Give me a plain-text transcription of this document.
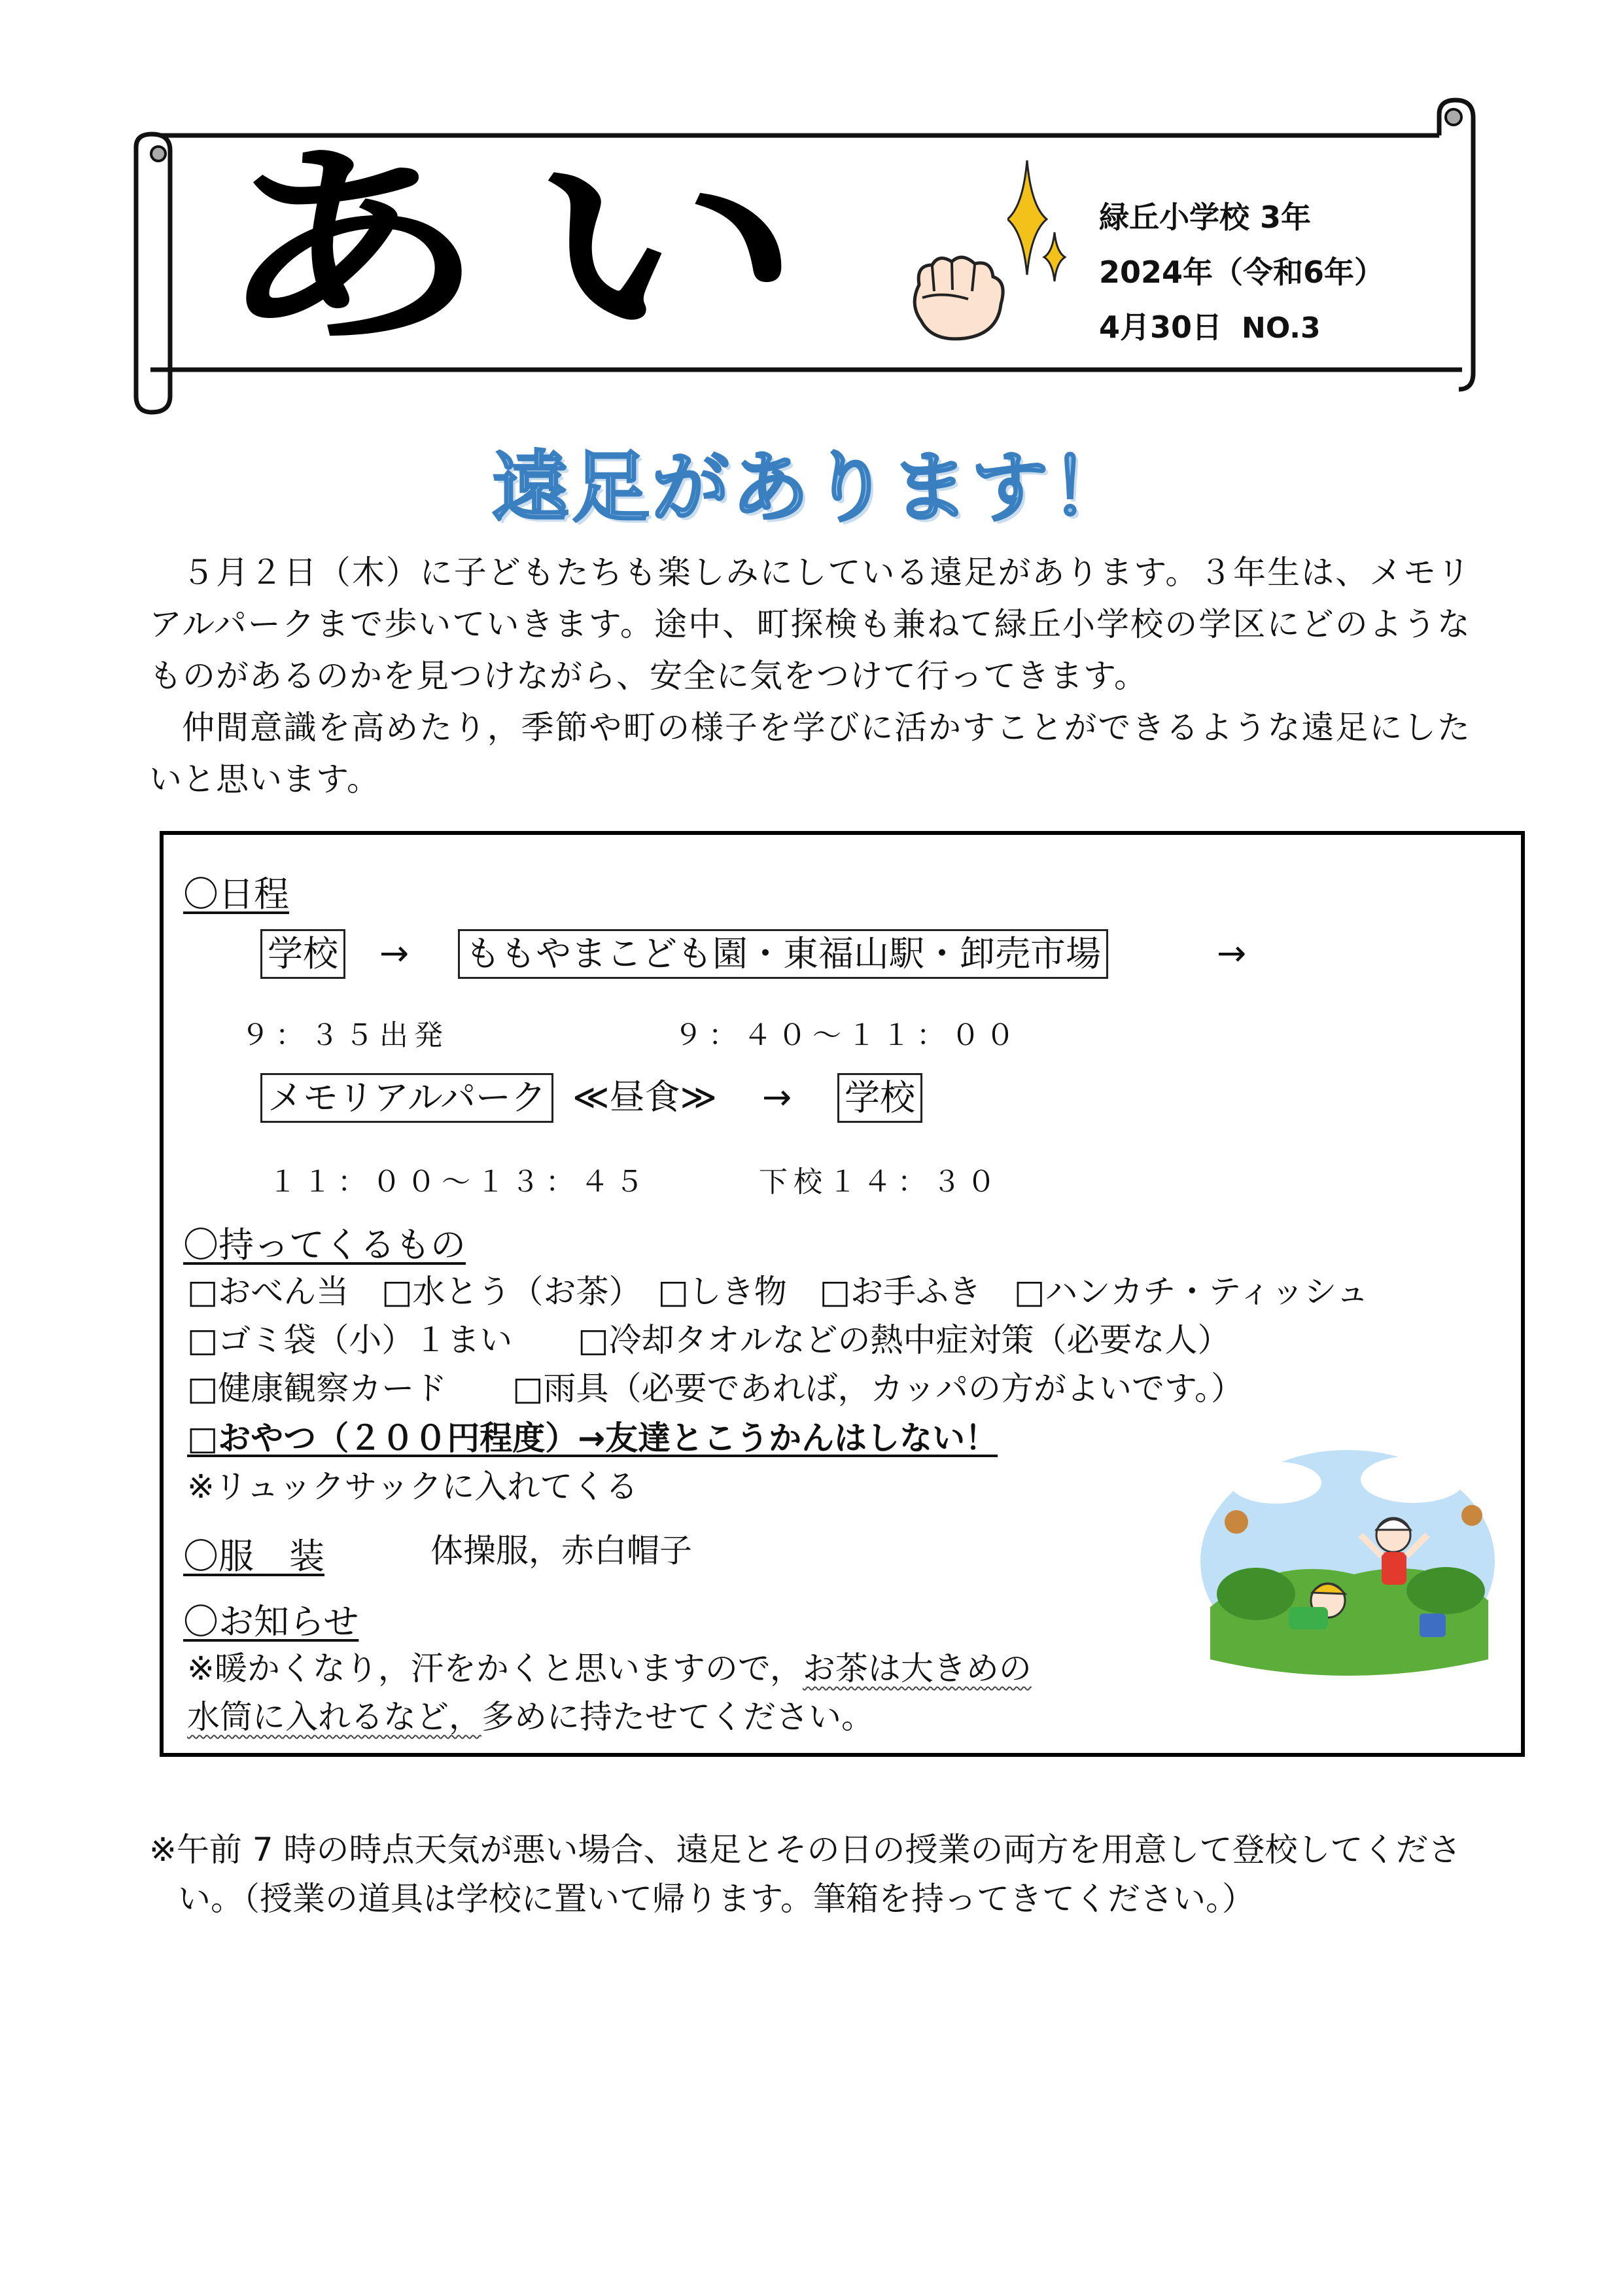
あい	緑丘小学校 3年
2024年（令和6年）
4月30日 NO.3
遠足があります！

５月２日（木）に子どもたちも楽しみにしている遠足があります。３年生は、メモリアルパークまで歩いていきます。途中、町探検も兼ねて緑丘小学校の学区にどのようなものがあるのかを見つけながら、安全に気をつけて行ってきます。

仲間意識を高めたり，季節や町の様子を学びに活かすことができるような遠足にしたいと思います。

〇日程
学校 → ももやまこども園・東福山駅・卸売市場	→
９：３５出発	９：４０〜１１：００
メモリアルパーク ≪昼食≫ → 学校
１１：００〜１３：４５	下校１４：３０
〇持ってくるもの
□おべん当　□水とう（お茶）　□しき物　□お手ふき　□ハンカチ・ティッシュ
□ゴミ袋（小）１まい　　□冷却タオルなどの熱中症対策（必要な人）
□健康観察カード　　□雨具（必要であれば，カッパの方がよいです。）
□おやつ（２００円程度）→友達とこうかんはしない！
※リュックサックに入れてくる
〇服　装	体操服，赤白帽子
〇お知らせ
※暖かくなり，汗をかくと思いますので，お茶は大きめの
水筒に入れるなど，多めに持たせてください。
※午前 7 時の時点天気が悪い場合、遠足とその日の授業の両方を用意して登校してくださ
い。（授業の道具は学校に置いて帰ります。筆箱を持ってきてください。）
